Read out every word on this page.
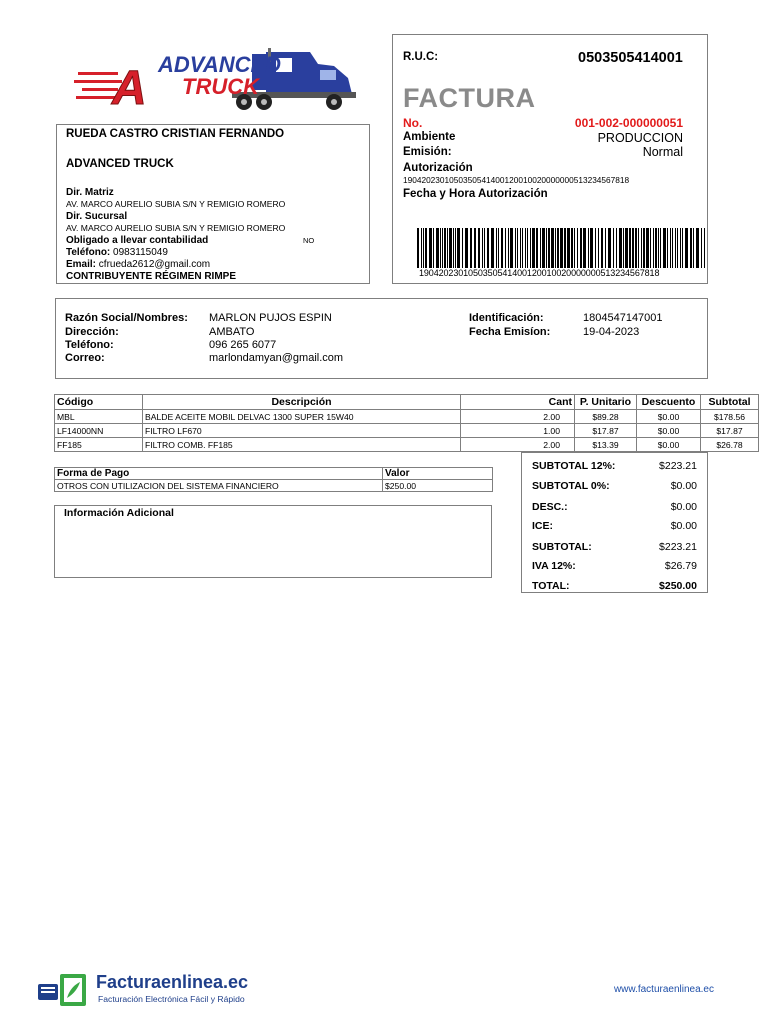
A ADVANCED
TRUCK
RUEDA CASTRO CRISTIAN FERNANDO
ADVANCED TRUCK
Dir. Matriz
AV. MARCO AURELIO SUBIA S/N Y REMIGIO ROMERO
Dir. Sucursal
AV. MARCO AURELIO SUBIA S/N Y REMIGIO ROMERO
Obligado a llevar contabilidad	NO
Teléfono: 0983115049
Email: cfrueda2612@gmail.com
CONTRIBUYENTE RÉGIMEN RIMPE
R.U.C:	0503505414001
FACTURA
No.	001-002-000000051
Ambiente	PRODUCCION
Emisión:	Normal
Autorización
1904202301050350541400120010020000000513234567818
Fecha y Hora Autorización
1904202301050350541400120010020000000513234567818
Razón Social/Nombres: MARLON PUJOS ESPIN
Dirección:	AMBATO
Teléfono:	096 265 6077
Correo:	marlondamyan@gmail.com
Identificación:	1804547147001
Fecha Emisíon:	19-04-2023
Código	Descripción	Cant	P. Unitario	Descuento	Subtotal
MBL	BALDE ACEITE MOBIL DELVAC 1300 SUPER 15W40	2.00	$89.28	$0.00	$178.56
LF14000NN	FILTRO LF670	1.00	$17.87	$0.00	$17.87
FF185	FILTRO COMB. FF185	2.00	$13.39	$0.00	$26.78
Forma de Pago	Valor
OTROS CON UTILIZACION DEL SISTEMA FINANCIERO	$250.00
Información Adicional
SUBTOTAL 12%:	$223.21
SUBTOTAL 0%:	$0.00
DESC.:	$0.00
ICE:	$0.00
SUBTOTAL:	$223.21
IVA 12%:	$26.79
TOTAL:	$250.00
Facturaenlinea.ec
Facturación Electrónica Fácil y Rápido
www.facturaenlinea.ec
